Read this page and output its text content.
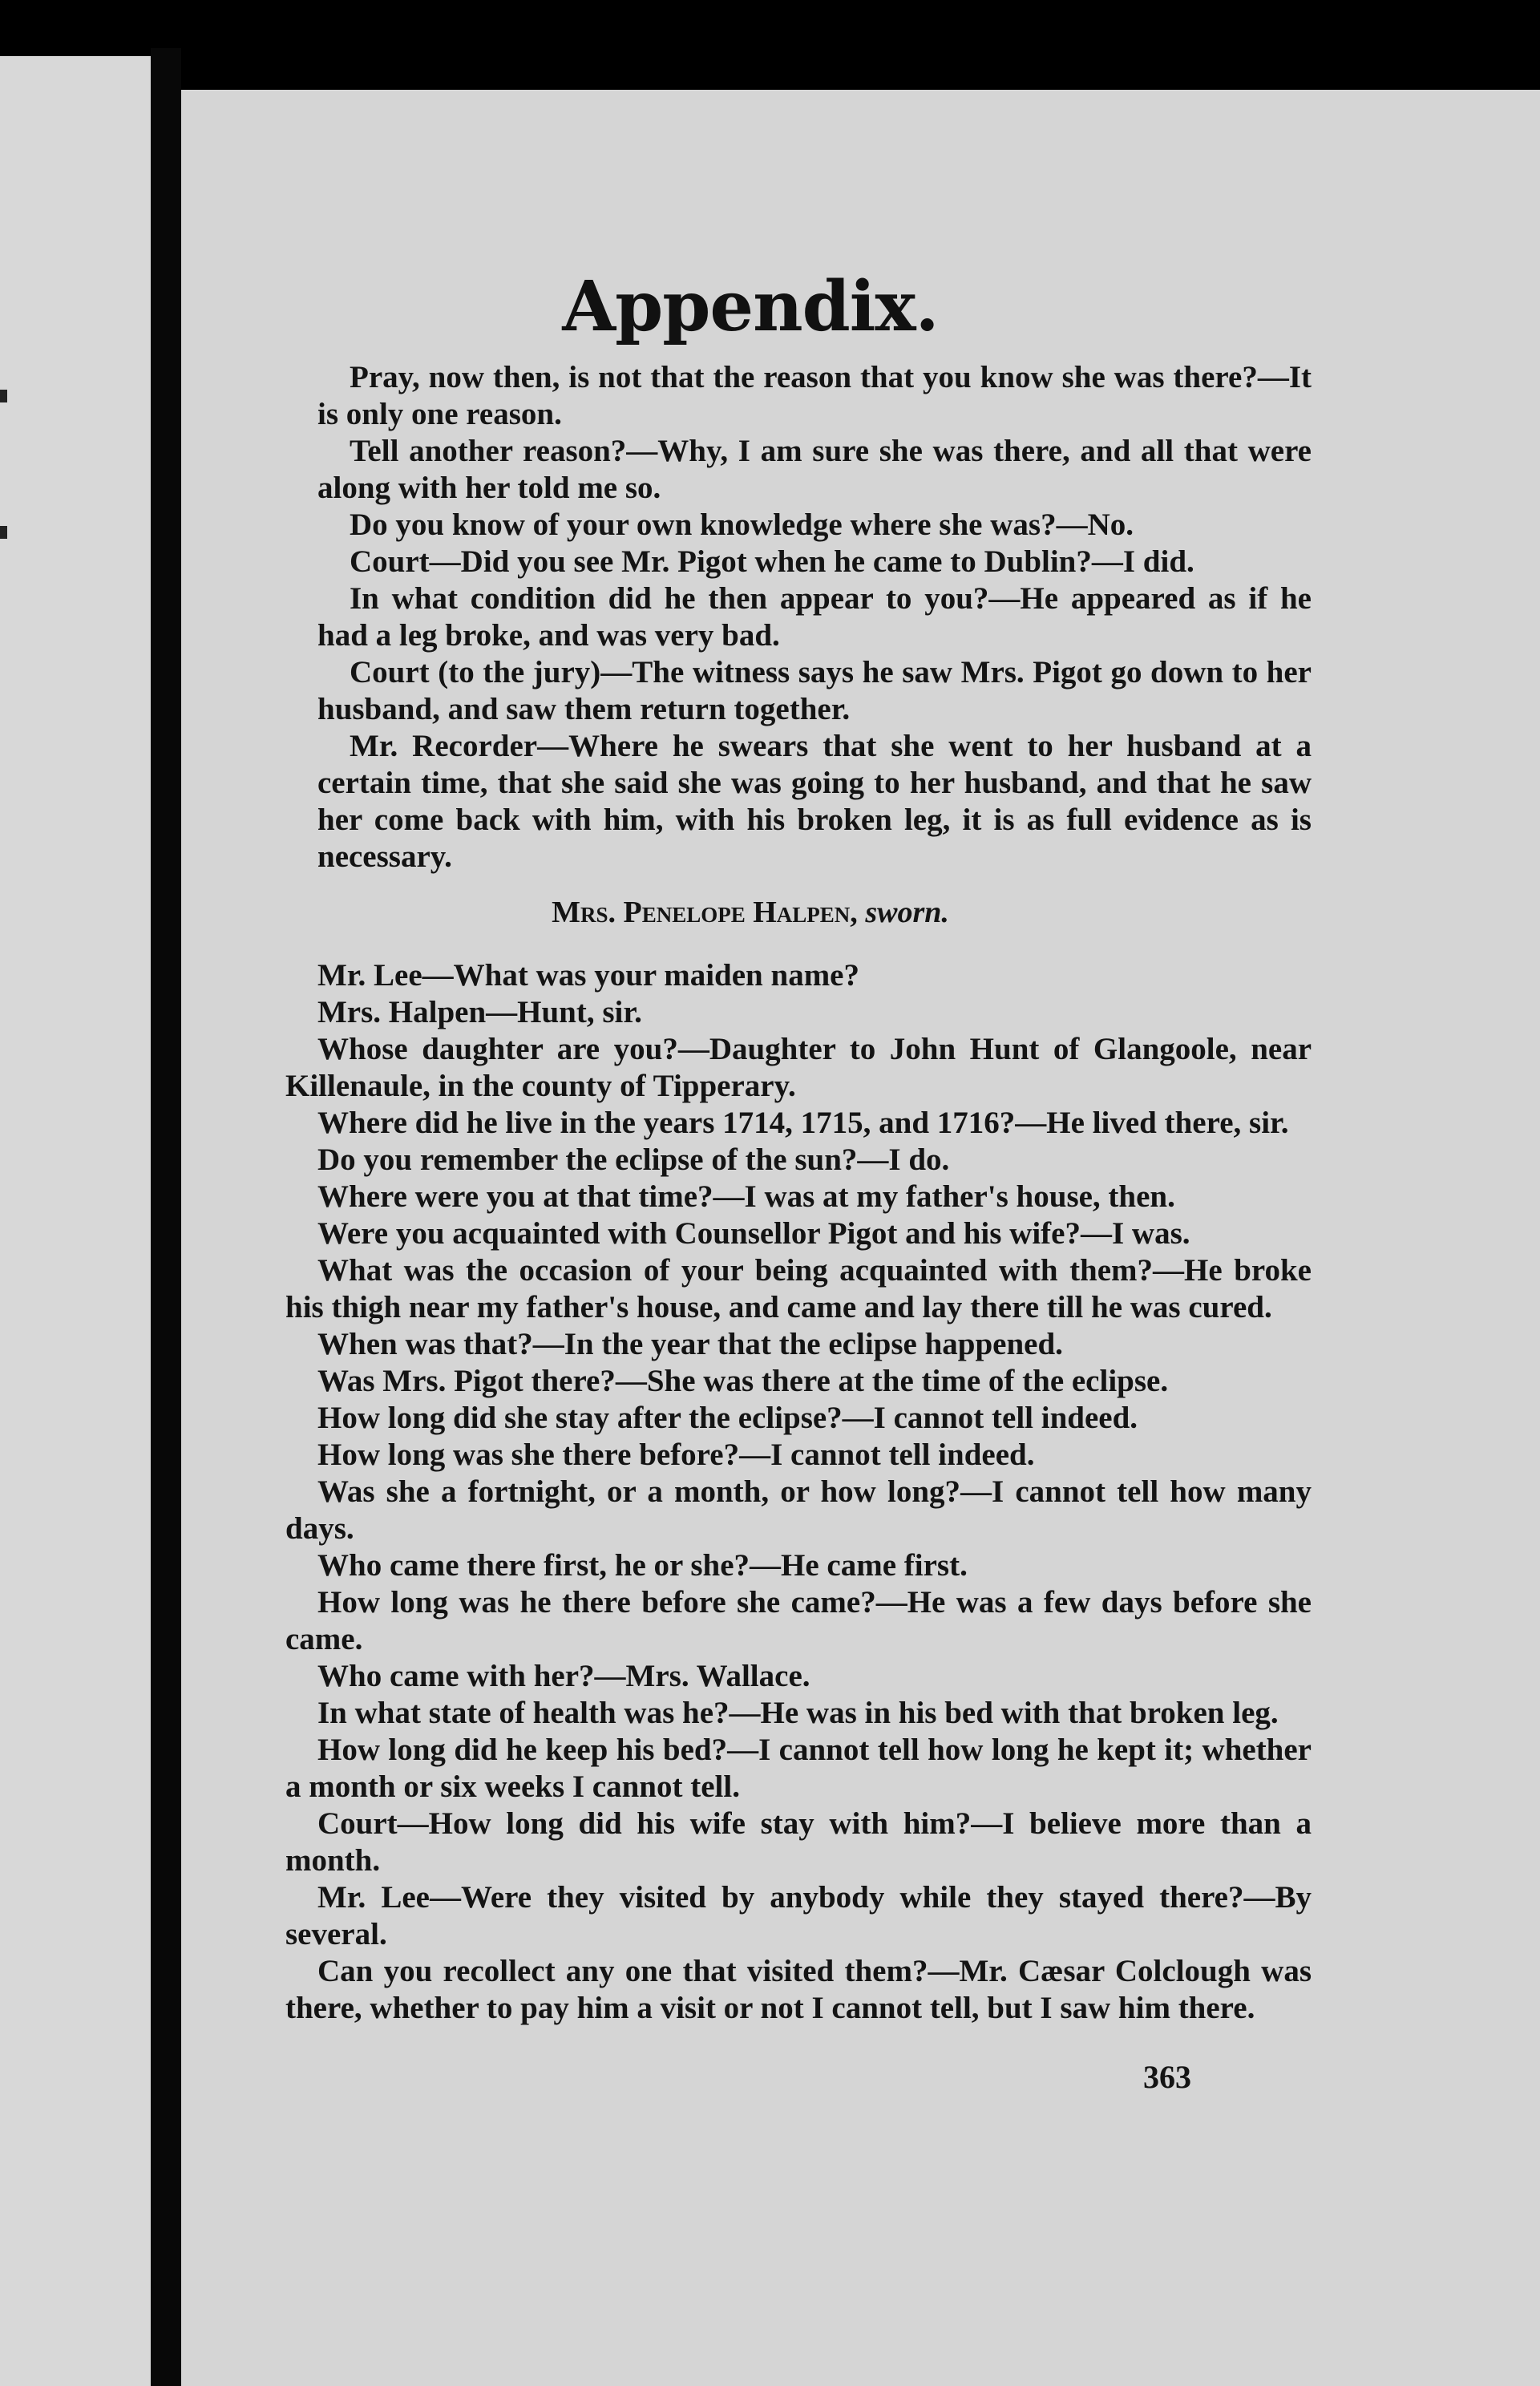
Appendix.

Pray, now then, is not that the reason that you know she was there?—It is only one reason.

Tell another reason?—Why, I am sure she was there, and all that were along with her told me so.

Do you know of your own knowledge where she was?—No.

Court—Did you see Mr. Pigot when he came to Dublin?—I did.

In what condition did he then appear to you?—He appeared as if he had a leg broke, and was very bad.

Court (to the jury)—The witness says he saw Mrs. Pigot go down to her husband, and saw them return together.

Mr. Recorder—Where he swears that she went to her husband at a certain time, that she said she was going to her husband, and that he saw her come back with him, with his broken leg, it is as full evidence as is necessary.

Mrs. Penelope Halpen, sworn.

Mr. Lee—What was your maiden name?

Mrs. Halpen—Hunt, sir.

Whose daughter are you?—Daughter to John Hunt of Glangoole, near Killenaule, in the county of Tipperary.

Where did he live in the years 1714, 1715, and 1716?—He lived there, sir.

Do you remember the eclipse of the sun?—I do.

Where were you at that time?—I was at my father's house, then.

Were you acquainted with Counsellor Pigot and his wife?—I was.

What was the occasion of your being acquainted with them?—He broke his thigh near my father's house, and came and lay there till he was cured.

When was that?—In the year that the eclipse happened.

Was Mrs. Pigot there?—She was there at the time of the eclipse.

How long did she stay after the eclipse?—I cannot tell indeed.

How long was she there before?—I cannot tell indeed.

Was she a fortnight, or a month, or how long?—I cannot tell how many days.

Who came there first, he or she?—He came first.

How long was he there before she came?—He was a few days before she came.

Who came with her?—Mrs. Wallace.

In what state of health was he?—He was in his bed with that broken leg.

How long did he keep his bed?—I cannot tell how long he kept it; whether a month or six weeks I cannot tell.

Court—How long did his wife stay with him?—I believe more than a month.

Mr. Lee—Were they visited by anybody while they stayed there?—By several.

Can you recollect any one that visited them?—Mr. Cæsar Colclough was there, whether to pay him a visit or not I cannot tell, but I saw him there.

363
